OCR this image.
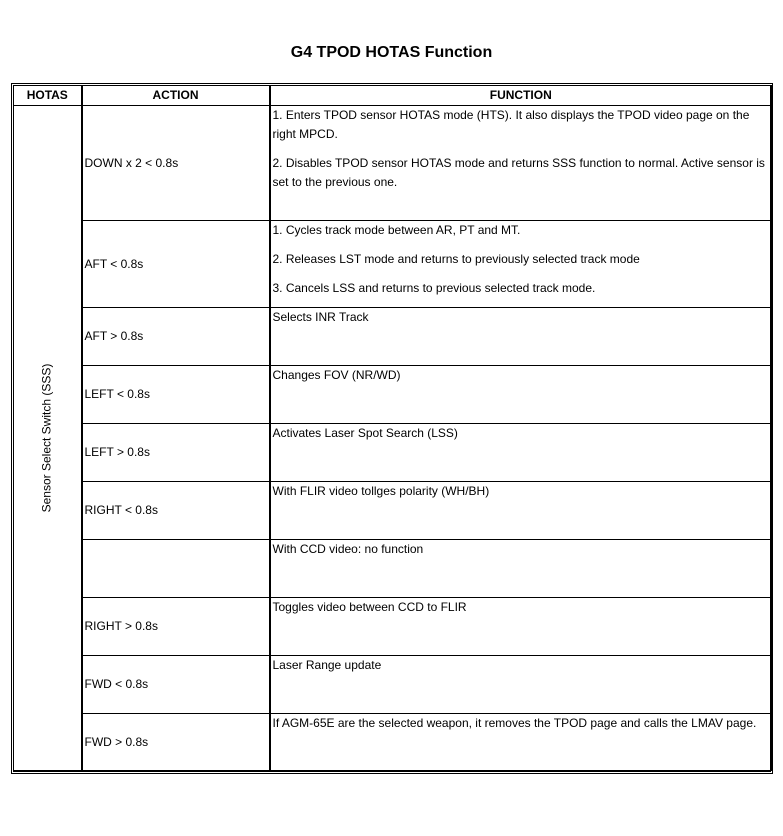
G4 TPOD HOTAS Function
HOTAS	ACTION	FUNCTION

Sensor Select Switch (SSS)	DOWN x 2 < 0.8s	1. Enters TPOD sensor HOTAS mode (HTS). It also displays the TPOD video page on the right MPCD.

2. Disables TPOD sensor HOTAS mode and returns SSS function to normal. Active sensor is set to the previous one.

	AFT < 0.8s	1. Cycles track mode between AR, PT and MT.

2. Releases LST mode and returns to previously selected track mode

3. Cancels LSS and returns to previous selected track mode.

	AFT > 0.8s	Selects INR Track

	LEFT < 0.8s	Changes FOV (NR/WD)

	LEFT > 0.8s	Activates Laser Spot Search (LSS)

	RIGHT < 0.8s	With FLIR video tollges polarity (WH/BH)

		With CCD video: no function

	RIGHT > 0.8s	Toggles video between CCD to FLIR

	FWD < 0.8s	Laser Range update

	FWD > 0.8s	If AGM-65E are the selected weapon, it removes the TPOD page and calls the LMAV page.
